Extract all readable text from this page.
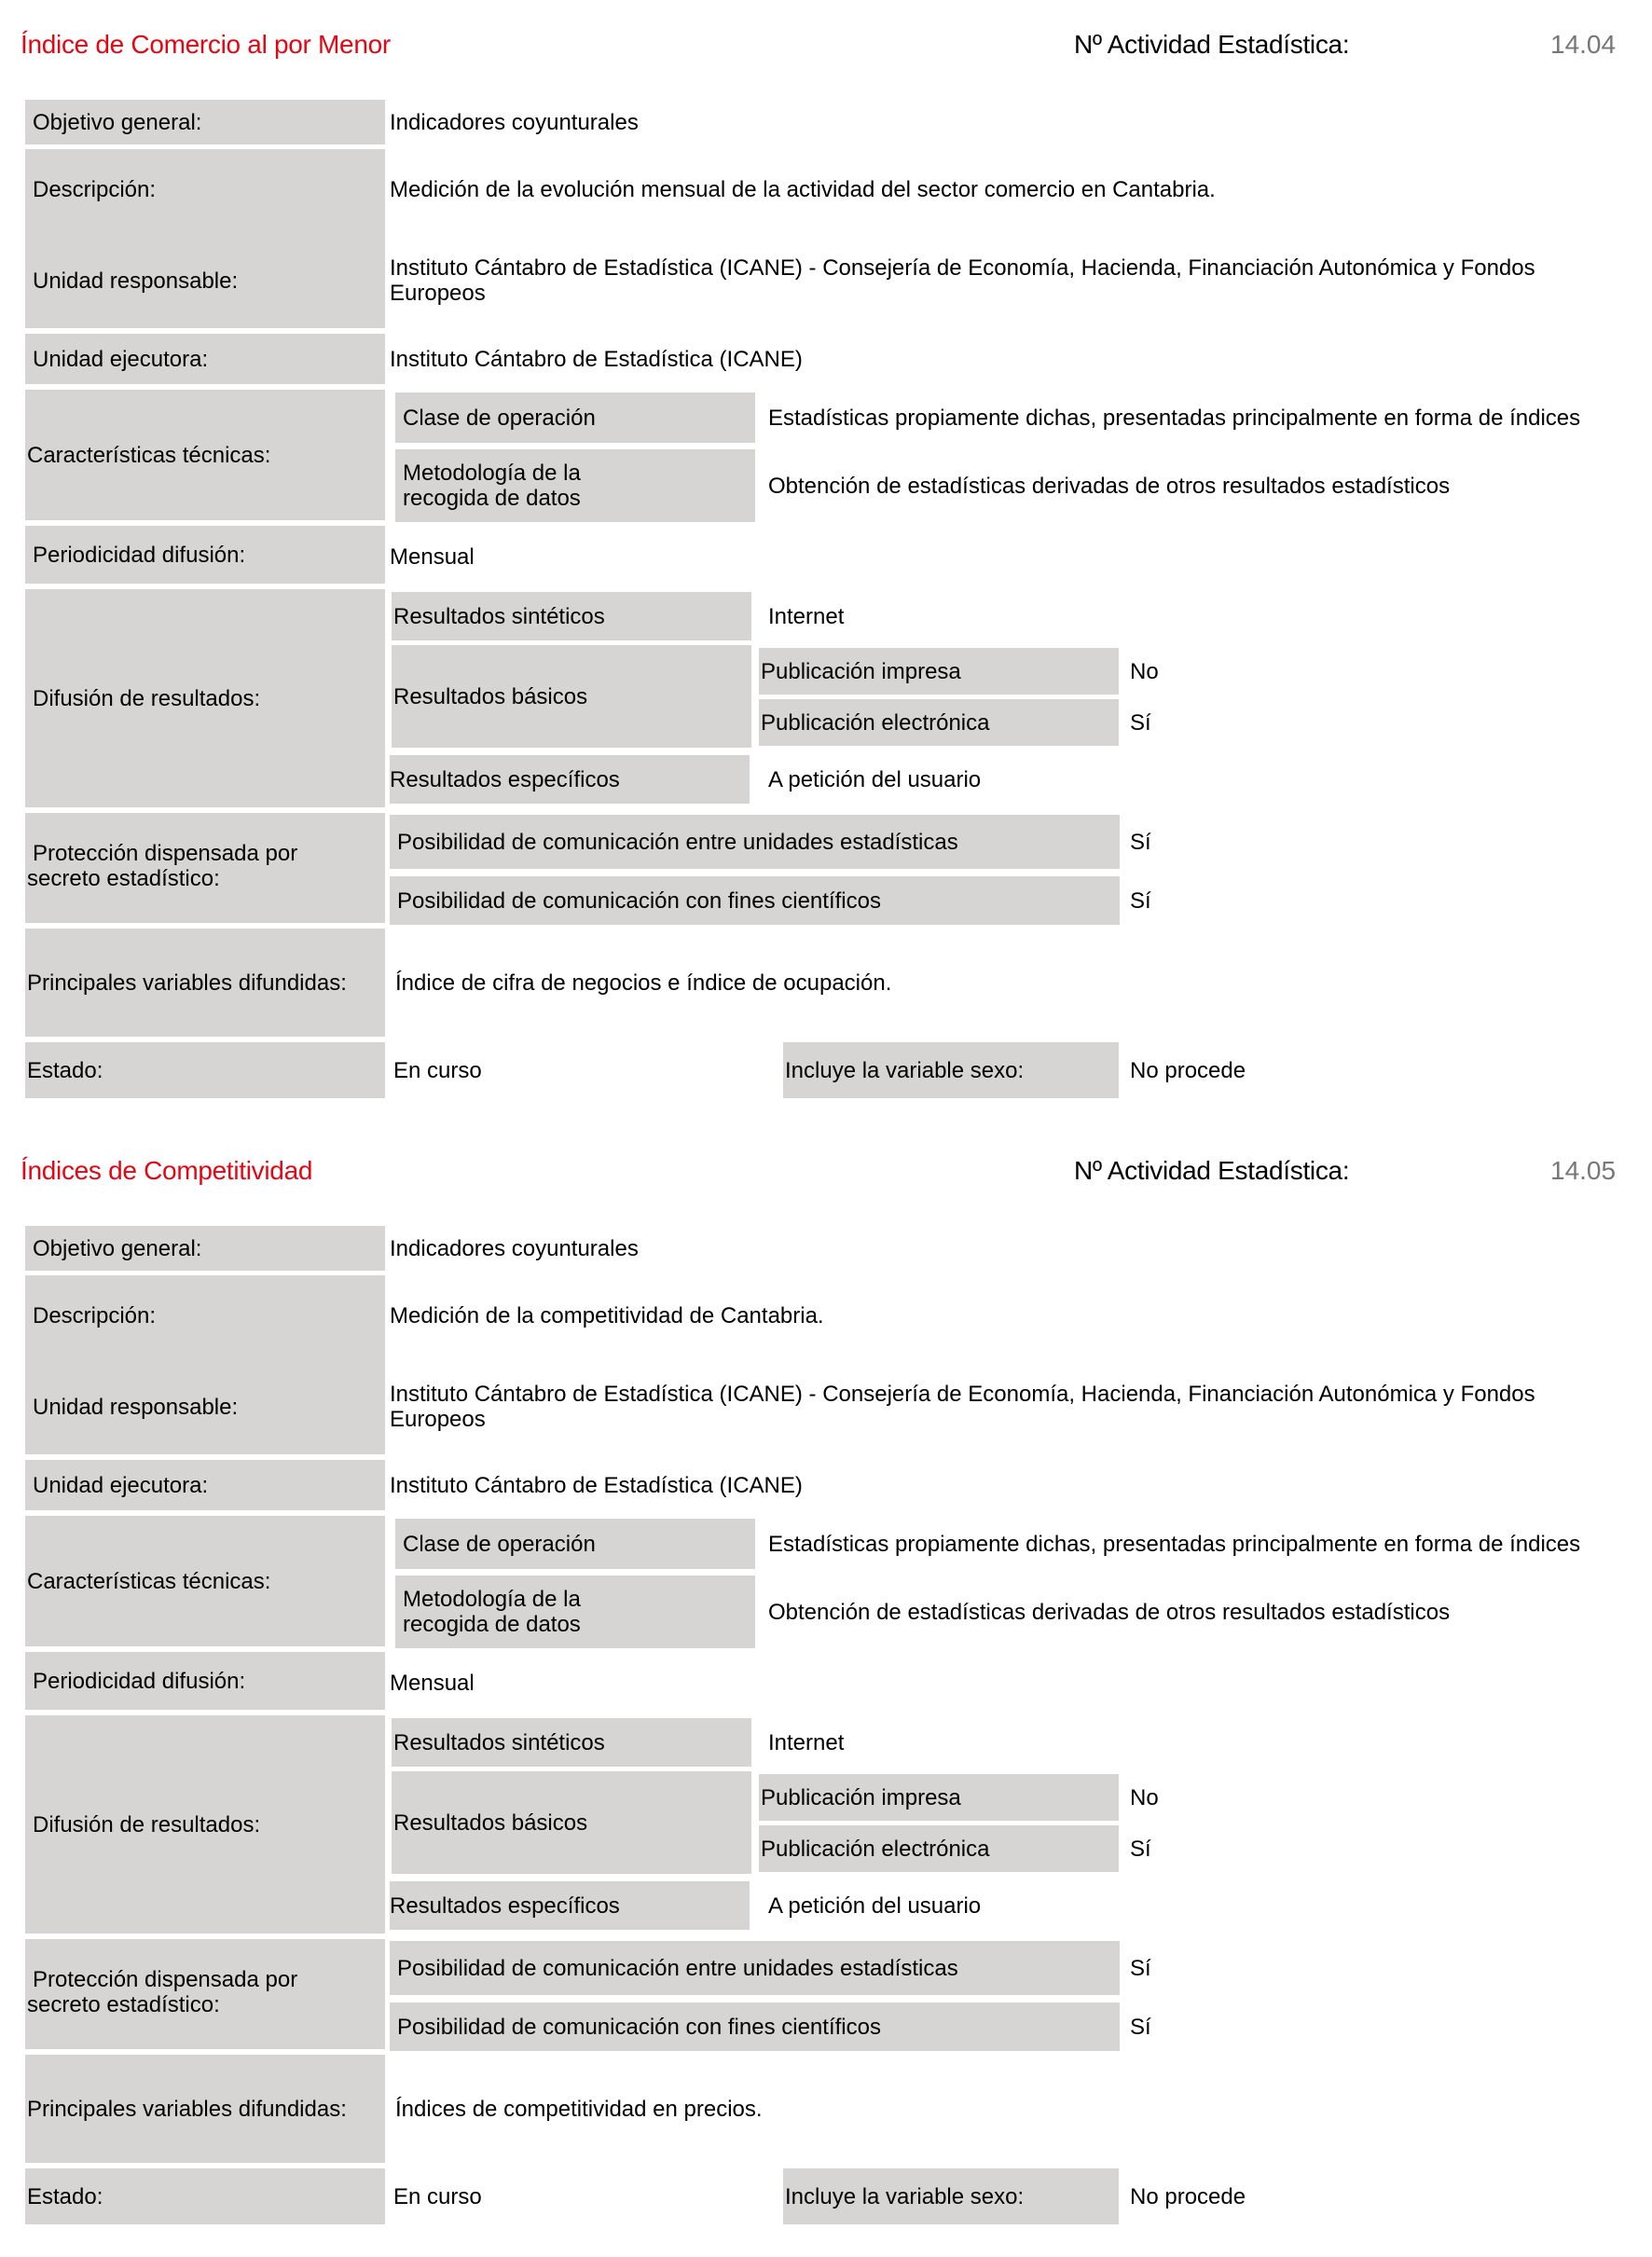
Índice de Comercio al por Menor	Nº Actividad Estadística:	14.04
Objetivo general:	Indicadores coyunturales
Descripción:	Medición de la evolución mensual de la actividad del sector comercio en Cantabria.
Unidad responsable:
Instituto Cántabro de Estadística (ICANE) - Consejería de Economía, Hacienda, Financiación Autonómica y Fondos Europeos
Unidad ejecutora:	Instituto Cántabro de Estadística (ICANE)
Características técnicas:
Clase de operación	Estadísticas propiamente dichas, presentadas principalmente en forma de índices
Metodología de la recogida de datos	Obtención de estadísticas derivadas de otros resultados estadísticos
Periodicidad difusión:	Mensual
Difusión de resultados:
Resultados sintéticos	Internet
Resultados básicos
Publicación impresa	No
Publicación electrónica	Sí
Resultados específicos	A petición del usuario
Protección dispensada por secreto estadístico:
Posibilidad de comunicación entre unidades estadísticas	Sí
Posibilidad de comunicación con fines científicos	Sí
Principales variables difundidas:	Índice de cifra de negocios e índice de ocupación.
Estado:	En curso	Incluye la variable sexo:	No procede
Índices de Competitividad	Nº Actividad Estadística:	14.05
Objetivo general:	Indicadores coyunturales
Descripción:	Medición de la competitividad de Cantabria.
Unidad responsable:
Instituto Cántabro de Estadística (ICANE) - Consejería de Economía, Hacienda, Financiación Autonómica y Fondos Europeos
Unidad ejecutora:	Instituto Cántabro de Estadística (ICANE)
Características técnicas:
Clase de operación	Estadísticas propiamente dichas, presentadas principalmente en forma de índices
Metodología de la recogida de datos	Obtención de estadísticas derivadas de otros resultados estadísticos
Periodicidad difusión:	Mensual
Difusión de resultados:
Resultados sintéticos	Internet
Resultados básicos
Publicación impresa	No
Publicación electrónica	Sí
Resultados específicos	A petición del usuario
Protección dispensada por secreto estadístico:
Posibilidad de comunicación entre unidades estadísticas	Sí
Posibilidad de comunicación con fines científicos	Sí
Principales variables difundidas:	Índices de competitividad en precios.
Estado:	En curso	Incluye la variable sexo:	No procede
